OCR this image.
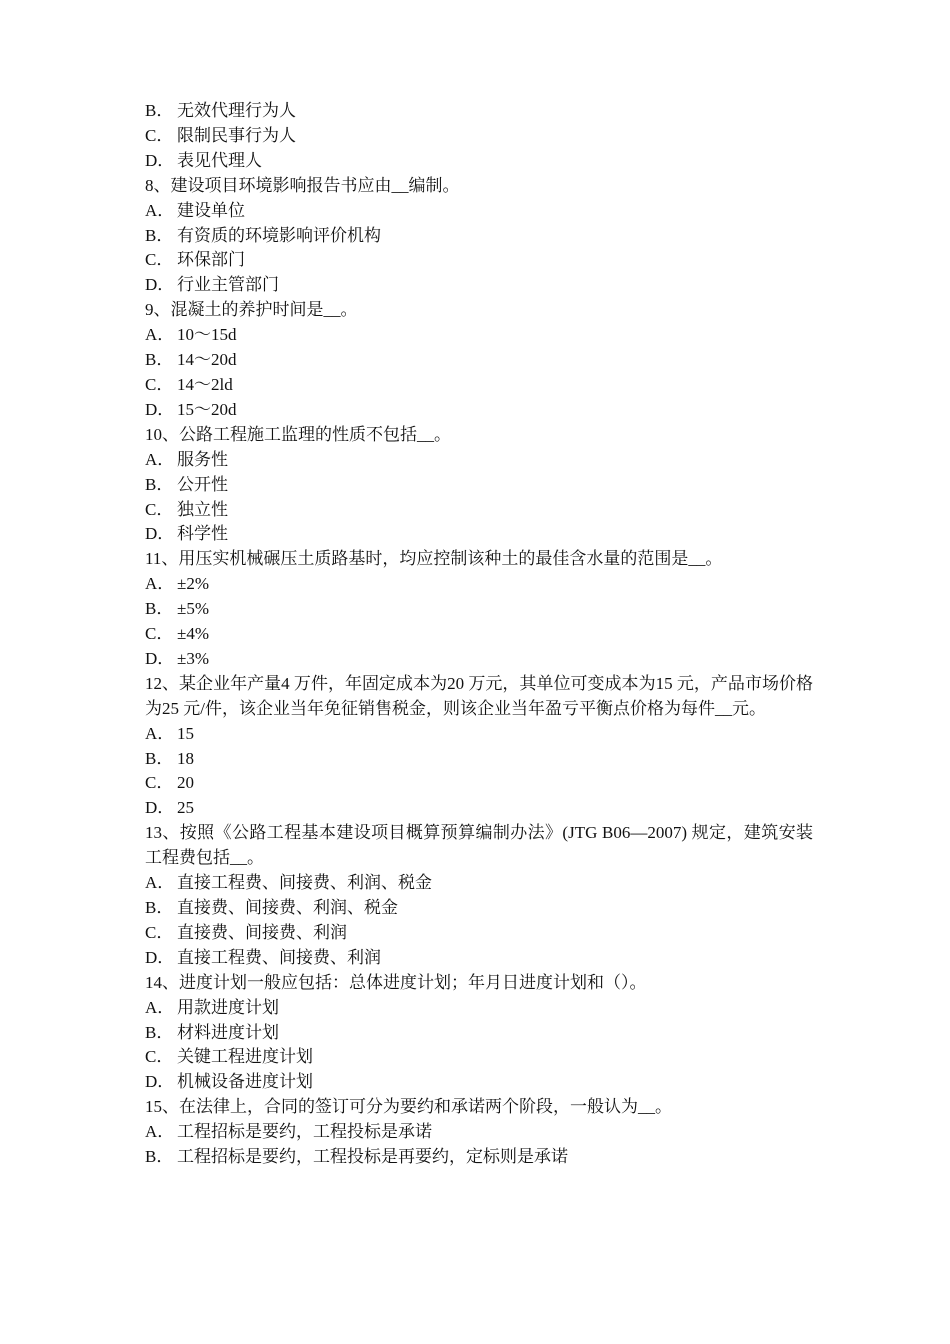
B． 无效代理行为人

C． 限制民事行为人

D． 表见代理人

8、建设项目环境影响报告书应由__编制。

A． 建设单位

B． 有资质的环境影响评价机构

C． 环保部门

D． 行业主管部门

9、混凝土的养护时间是__。

A． 10～15d

B． 14～20d

C． 14～2ld

D． 15～20d

10、公路工程施工监理的性质不包括__。

A． 服务性

B． 公开性

C． 独立性

D． 科学性

11、用压实机械碾压土质路基时，均应控制该种土的最佳含水量的范围是__。

A． ±2%

B． ±5%

C． ±4%

D． ±3%

12、某企业年产量4 万件，年固定成本为20 万元，其单位可变成本为15 元，产品市场价格为25 元/件，该企业当年免征销售税金，则该企业当年盈亏平衡点价格为每件__元。

A． 15

B． 18

C． 20

D． 25

13、按照《公路工程基本建设项目概算预算编制办法》(JTG B06—2007) 规定，建筑安装工程费包括__。

A． 直接工程费、间接费、利润、税金

B． 直接费、间接费、利润、税金

C． 直接费、间接费、利润

D． 直接工程费、间接费、利润

14、进度计划一般应包括：总体进度计划；年月日进度计划和（）。

A． 用款进度计划

B． 材料进度计划

C． 关键工程进度计划

D． 机械设备进度计划

15、在法律上，合同的签订可分为要约和承诺两个阶段，一般认为__。

A． 工程招标是要约，工程投标是承诺

B． 工程招标是要约，工程投标是再要约，定标则是承诺
